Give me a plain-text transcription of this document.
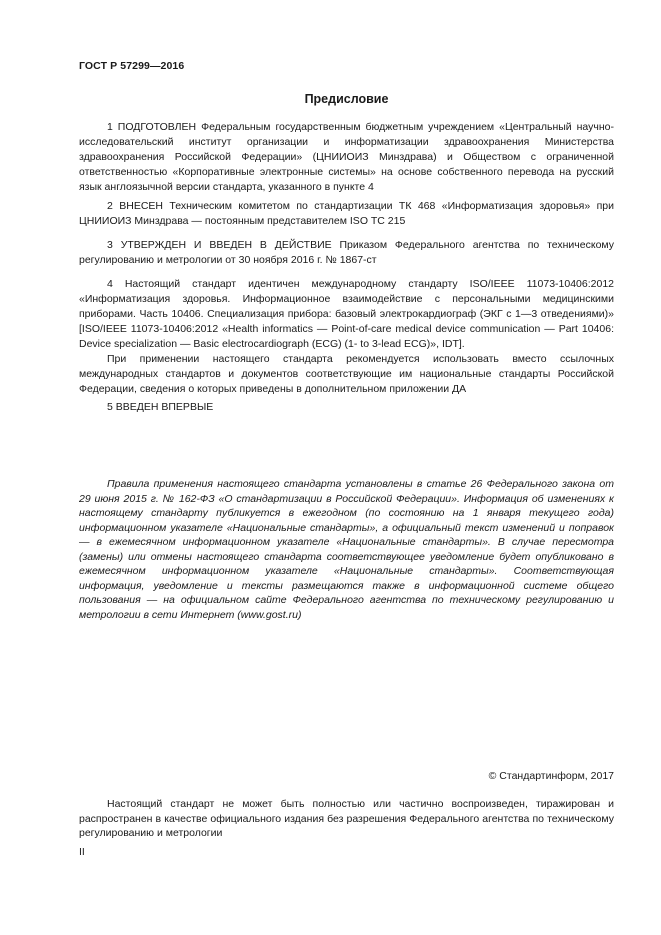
ГОСТ Р 57299—2016
Предисловие

1 ПОДГОТОВЛЕН Федеральным государственным бюджетным учреждением «Центральный научно-исследовательский институт организации и информатизации здравоохранения Министерства здравоохранения Российской Федерации» (ЦНИИОИЗ Минздрава) и Обществом с ограниченной ответственностью «Корпоративные электронные системы» на основе собственного перевода на русский язык англоязычной версии стандарта, указанного в пункте 4

2 ВНЕСЕН Техническим комитетом по стандартизации ТК 468 «Информатизация здоровья» при ЦНИИОИЗ Минздрава — постоянным представителем ISO ТС 215

3 УТВЕРЖДЕН И ВВЕДЕН В ДЕЙСТВИЕ Приказом Федерального агентства по техническому регулированию и метрологии от 30 ноября 2016 г. № 1867-ст

4 Настоящий стандарт идентичен международному стандарту ISO/IEEE 11073-10406:2012 «Информатизация здоровья. Информационное взаимодействие с персональными медицинскими приборами. Часть 10406. Специализация прибора: базовый электрокардиограф (ЭКГ с 1—3 отведениями)» [ISO/IEEE 11073-10406:2012 «Health informatics — Point-of-care medical device communication — Part 10406: Device specialization — Basic electrocardiograph (ECG) (1- to 3-lead ECG)», IDT].

При применении настоящего стандарта рекомендуется использовать вместо ссылочных международных стандартов и документов соответствующие им национальные стандарты Российской Федерации, сведения о которых приведены в дополнительном приложении ДА

5 ВВЕДЕН ВПЕРВЫЕ

Правила применения настоящего стандарта установлены в статье 26 Федерального закона от 29 июня 2015 г. № 162-ФЗ «О стандартизации в Российской Федерации». Информация об изменениях к настоящему стандарту публикуется в ежегодном (по состоянию на 1 января текущего года) информационном указателе «Национальные стандарты», а официальный текст изменений и поправок — в ежемесячном информационном указателе «Национальные стандарты». В случае пересмотра (замены) или отмены настоящего стандарта соответствующее уведомление будет опубликовано в ежемесячном информационном указателе «Национальные стандарты». Соответствующая информация, уведомление и тексты размещаются также в информационной системе общего пользования — на официальном сайте Федерального агентства по техническому регулированию и метрологии в сети Интернет (www.gost.ru)

© Стандартинформ, 2017

Настоящий стандарт не может быть полностью или частично воспроизведен, тиражирован и распространен в качестве официального издания без разрешения Федерального агентства по техническому регулированию и метрологии

II
